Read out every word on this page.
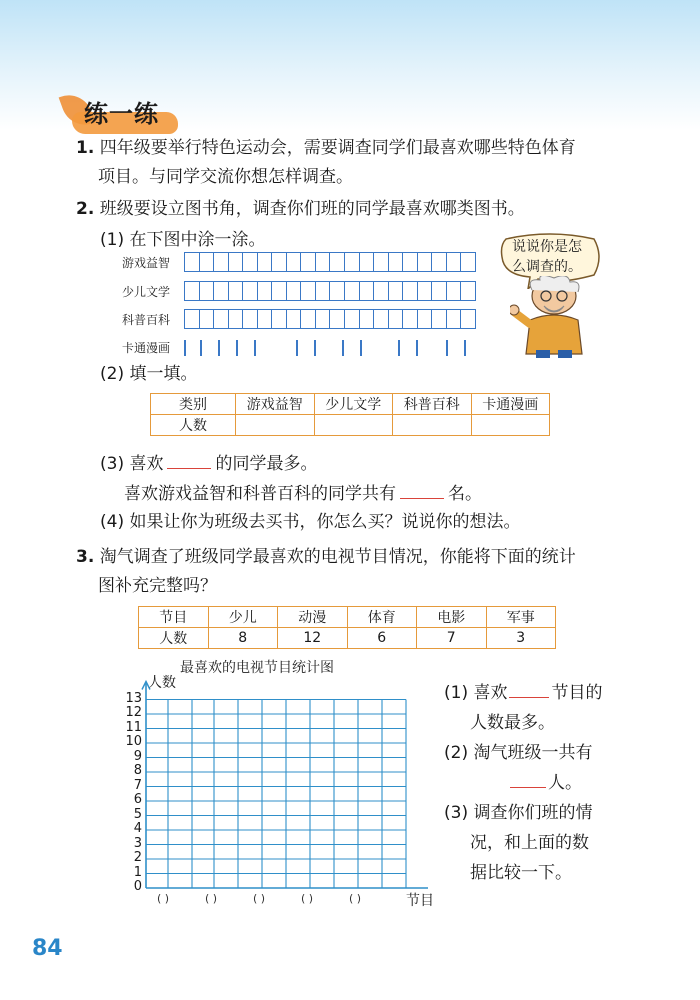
练一练
1. 四年级要举行特色运动会，需要调查同学们最喜欢哪些特色体育
项目。与同学交流你想怎样调查。
2. 班级要设立图书角，调查你们班的同学最喜欢哪类图书。
(1) 在下图中涂一涂。
游戏益智
少儿文学
科普百科
卡通漫画
说说你是怎
么调查的。
(2) 填一填。
类别	游戏益智	少儿文学	科普百科	卡通漫画
人数				
(3) 喜欢	的同学最多。
喜欢游戏益智和科普百科的同学共有	名。
(4) 如果让你为班级去买书，你怎么买？说说你的想法。
3. 淘气调查了班级同学最喜欢的电视节目情况，你能将下面的统计
图补充完整吗？
节目	少儿	动漫	体育	电影	军事
人数	8	12	6	7	3
最喜欢的电视节目统计图
人数
节目
0
1
2
3
4
5
6
7
8
9
10
11
12
13
( )	( )	( )	( )	( )
(1) 喜欢	节目的
人数最多。
(2) 淘气班级一共有
人。
(3) 调查你们班的情
况，和上面的数
据比较一下。
84
